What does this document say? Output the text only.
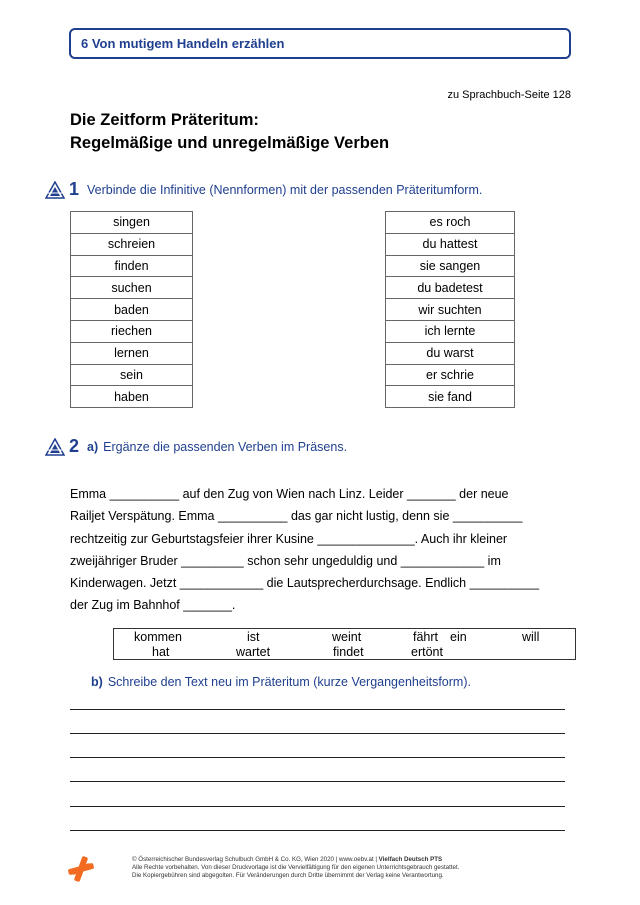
6 Von mutigem Handeln erzählen
zu Sprachbuch-Seite 128
Die Zeitform Präteritum:
Regelmäßige und unregelmäßige Verben
1 Verbinde die Infinitive (Nennformen) mit der passenden Präteritumform.
singen
schreien
finden
suchen
baden
riechen
lernen
sein
haben
es roch
du hattest
sie sangen
du badetest
wir suchten
ich lernte
du warst
er schrie
sie fand
2 a) Ergänze die passenden Verben im Präsens.

Emma __________ auf den Zug von Wien nach Linz. Leider _______ der neue

Railjet Verspätung. Emma __________ das gar nicht lustig, denn sie __________

rechtzeitig zur Geburtstagsfeier ihrer Kusine ______________. Auch ihr kleiner

zweijähriger Bruder _________ schon sehr ungeduldig und ____________ im

Kinderwagen. Jetzt ____________ die Lautsprecherdurchsage. Endlich __________

der Zug im Bahnhof _______.

kommen	ist	weint	fährt ein	will
hat	wartet	findet	ertönt
b) Schreibe den Text neu im Präteritum (kurze Vergangenheitsform).
© Österreichischer Bundesverlag Schulbuch GmbH & Co. KG, Wien 2020 | www.oebv.at | Vielfach Deutsch PTS
Alle Rechte vorbehalten. Von dieser Druckvorlage ist die Vervielfältigung für den eigenen Unterrichtsgebrauch gestattet.
Die Kopiergebühren sind abgegolten. Für Veränderungen durch Dritte übernimmt der Verlag keine Verantwortung.
